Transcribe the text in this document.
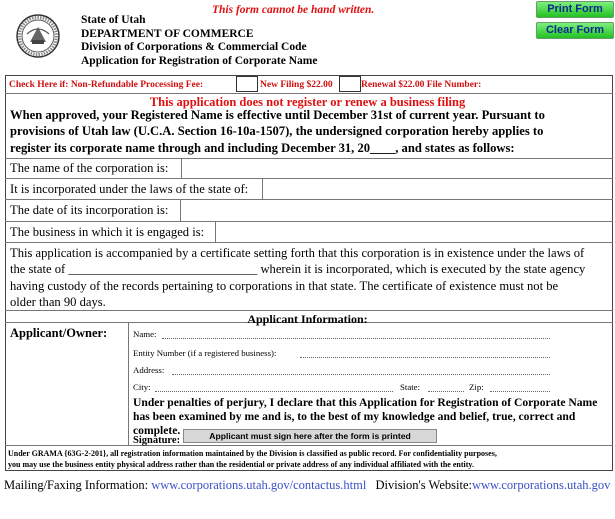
This form cannot be hand written.
State of Utah
DEPARTMENT OF COMMERCE
Division of Corporations & Commercial Code
Application for Registration of Corporate Name
Print Form
Clear Form
Check Here if: Non-Refundable Processing Fee:	New Filing $22.00	Renewal $22.00 File Number:
This application does not register or renew a business filing
When approved, your Registered Name is effective until December 31st of current year. Pursuant to
provisions of Utah law (U.C.A. Section 16-10a-1507), the undersigned corporation hereby applies to
register its corporate name through and including December 31, 20____, and states as follows:
The name of the corporation is:
It is incorporated under the laws of the state of:
The date of its incorporation is:
The business in which it is engaged is:
This application is accompanied by a certificate setting forth that this corporation is in existence under the laws of
the state of ______________________________ wherein it is incorporated, which is executed by the state agency
having custody of the records pertaining to corporations in that state. The certificate of existence must not be
older than 90 days.
Applicant Information:
Applicant/Owner:	Name:
Entity Number (if a registered business):
Address:
City:	State:	Zip:
Under penalties of perjury, I declare that this Application for Registration of Corporate Name has been examined by me and is, to the best of my knowledge and belief, true, correct and complete.
Signature:	Applicant must sign here after the form is printed
Under GRAMA {63G-2-201}, all registration information maintained by the Division is classified as public record. For confidentiality purposes,
you may use the business entity physical address rather than the residential or private address of any individual affiliated with the entity.
Mailing/Faxing Information: www.corporations.utah.gov/contactus.html Division's Website:www.corporations.utah.gov
